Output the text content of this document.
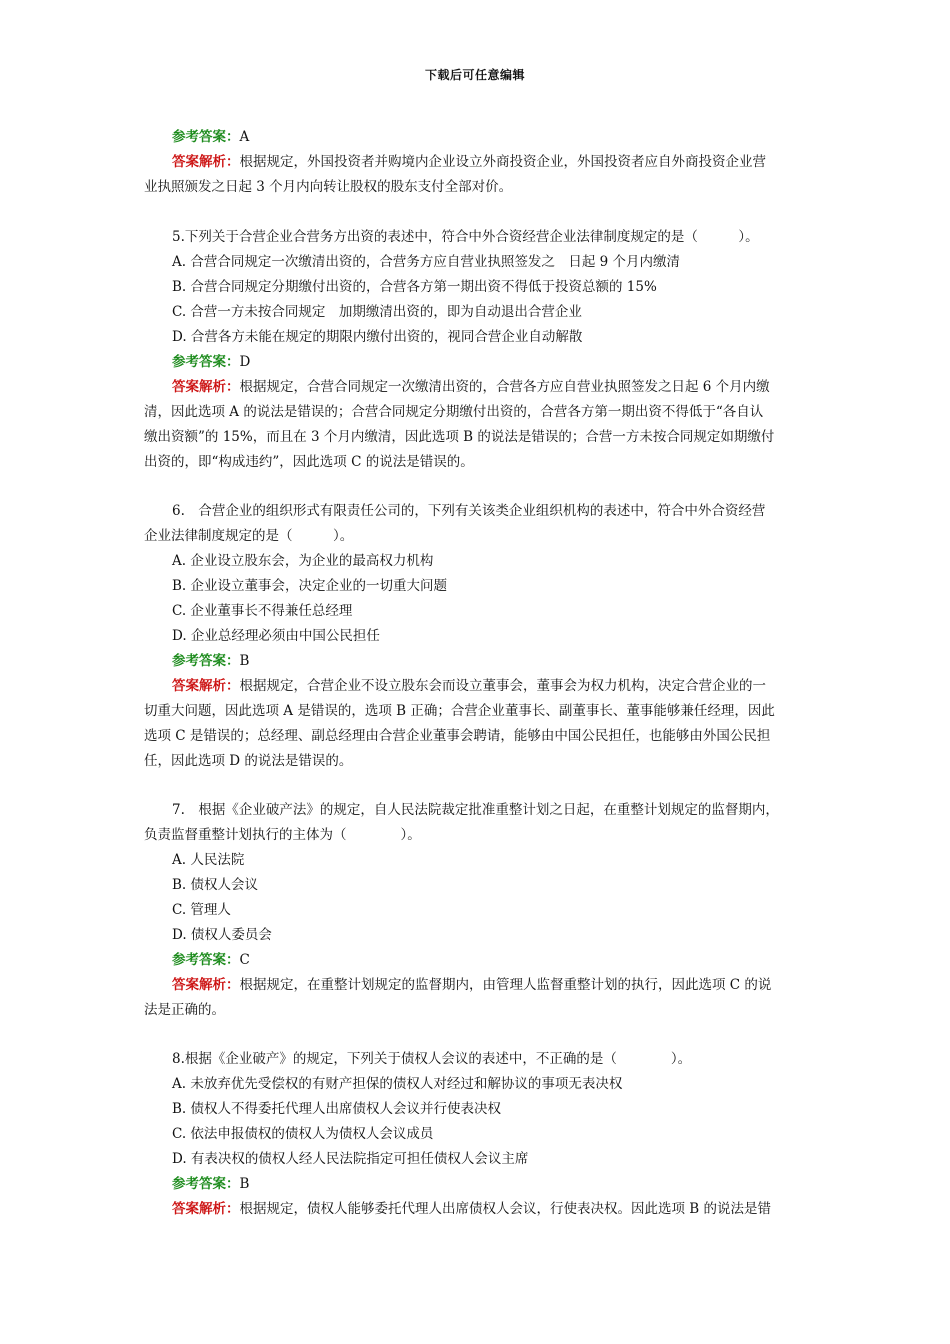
下载后可任意编辑
参考答案：A
答案解析：根据规定，外国投资者并购境内企业设立外商投资企业，外国投资者应自外商投资企业营
业执照颁发之日起 3 个月内向转让股权的股东支付全部对价。
5.下列关于合营企业合营务方出资的表述中，符合中外合资经营企业法律制度规定的是（　　　）。
A. 合营合同规定一次缴清出资的，合营务方应自营业执照签发之　日起 9 个月内缴清
B. 合营合同规定分期缴付出资的，合营各方第一期出资不得低于投资总额的 15%
C. 合营一方未按合同规定　加期缴清出资的，即为自动退出合营企业
D. 合营各方未能在规定的期限内缴付出资的，视同合营企业自动解散
参考答案：D
答案解析：根据规定，合营合同规定一次缴清出资的，合营各方应自营业执照签发之日起 6 个月内缴
清，因此选项 A 的说法是错误的；合营合同规定分期缴付出资的，合营各方第一期出资不得低于“各自认
缴出资额”的 15%，而且在 3 个月内缴清，因此选项 B 的说法是错误的；合营一方未按合同规定如期缴付
出资的，即“构成违约”，因此选项 C 的说法是错误的。
6.　合营企业的组织形式有限责任公司的，下列有关该类企业组织机构的表述中，符合中外合资经营
企业法律制度规定的是（　　　）。
A. 企业设立股东会，为企业的最高权力机构
B. 企业设立董事会，决定企业的一切重大问题
C. 企业董事长不得兼任总经理
D. 企业总经理必须由中国公民担任
参考答案：B
答案解析：根据规定，合营企业不设立股东会而设立董事会，董事会为权力机构，决定合营企业的一
切重大问题，因此选项 A 是错误的，选项 B 正确；合营企业董事长、副董事长、董事能够兼任经理，因此
选项 C 是错误的；总经理、副总经理由合营企业董事会聘请，能够由中国公民担任，也能够由外国公民担
任，因此选项 D 的说法是错误的。
7.　根据《企业破产法》的规定，自人民法院裁定批准重整计划之日起，在重整计划规定的监督期内，
负责监督重整计划执行的主体为（　　　　）。
A. 人民法院
B. 债权人会议
C. 管理人
D. 债权人委员会
参考答案：C
答案解析：根据规定，在重整计划规定的监督期内，由管理人监督重整计划的执行，因此选项 C 的说
法是正确的。
8.根据《企业破产》的规定，下列关于债权人会议的表述中，不正确的是（　　　　）。
A. 未放弃优先受偿权的有财产担保的债权人对经过和解协议的事项无表决权
B. 债权人不得委托代理人出席债权人会议并行使表决权
C. 依法申报债权的债权人为债权人会议成员
D. 有表决权的债权人经人民法院指定可担任债权人会议主席
参考答案：B
答案解析：根据规定，债权人能够委托代理人出席债权人会议，行使表决权。因此选项 B 的说法是错
